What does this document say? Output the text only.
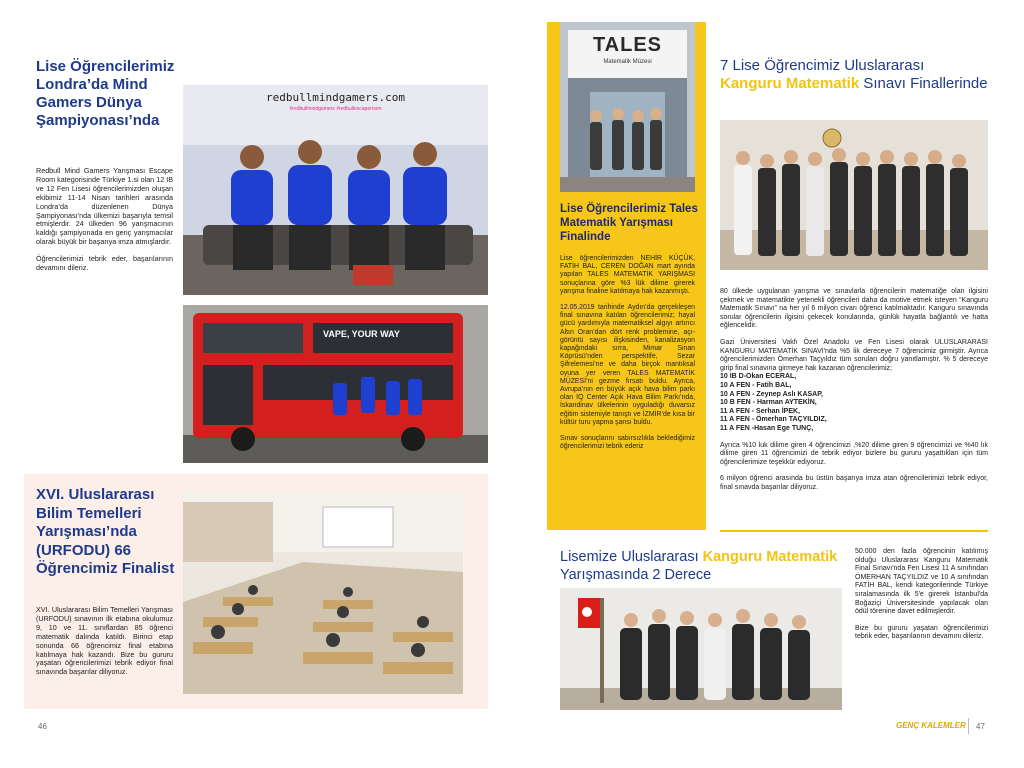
Lise Öğrencilerimiz Londra’da Mind Gamers Dünya Şampiyonası’nda

Redbull Mind Gamers Yarışması Escape Room kategorisinde Türkiye 1.si olan 12 IB ve 12 Fen Lisesi öğrencilerimizden oluşan ekibimiz 11-14 Nisan tarihleri arasında Londra’da düzenlenen Dünya Şampiyonası’nda ülkemizi başarıyla temsil etmişlerdir. 24 ülkeden 96 yarışmacının kaldığı şampiyonada en genç yarışmacılar olarak büyük bir başarıya imza atmışlardır.

Öğrencilerimizi tebrik eder, başarılarının devamını dileriz.

redbullmindgamers.com
#redbullmindgamers #redbullescaperoom
VAPE, YOUR WAY
XVI. Uluslararası Bilim Temelleri Yarışması’nda (URFODU) 66 Öğrencimiz Finalist
XVI. Uluslararası Bilim Temelleri Yarışması (URFODU) sınavının ilk etabına okulumuz 9, 10 ve 11. sınıflardan 85 öğrenci matematik dalında katıldı. Birinci etap sonunda 66 öğrencimiz final etabına katılmaya hak kazandı. Bize bu gururu yaşatan öğrencilerimizi tebrik ediyor final sınavında başarılar diliyoruz.
46
TALES
Matematik Müzesi
Lise Öğrencilerimiz Tales Matematik Yarışması Finalinde

Lise öğrencilerimizden NEHİR KÜÇÜK, FATİH BAL, CEREN DOĞAN mart ayında yapılan TALES MATEMATİK YARIŞMASI sonuçlarına göre %3 lük dilime girerek yarışma finaline katılmaya hak kazanmıştı.

12.05.2019 tarihinde Aydın’da gerçekleşen final sınavına katılan öğrencilerimiz; hayal gücü yardımıyla matematiksel algıyı artırıcı Altın Oran’dan dört renk problemine, açı-görüntü sayısı ilişkisinden, kanalizasyon kapağındaki sırra, Mimar Sinan Köprüsü’nden perspektife, Sezar Şifrelemesi’ne ve daha birçok mantıksal oyuna yer veren TALES MATEMATİK MÜZESİ’ni gezme fırsatı buldu. Ayrıca, Avrupa’nın en büyük açık hava bilim parkı olan IQ Center Açık Hava Bilim Parkı’nda, İskandinav ülkelerinin uyguladığı duvarsız eğitim sistemiyle tanıştı ve İZMİR’de kısa bir kültür turu yapma şansı buldu.

Sınav sonuçlarını sabırsızlıkla beklediğimiz öğrencilerimizi tebrik ederiz

7 Lise Öğrencimiz Uluslararası Kanguru Matematik Sınavı Finallerinde

80 ülkede uygulanan yarışma ve sınavlarla öğrencilerin matematiğe olan ilgisini çekmek ve matematikte yetenekli öğrencileri daha da motive etmek isteyen “Kanguru Matematik Sınavı” na her yıl 6 milyon civarı öğrenci katılmaktadır. Kanguru sınavında sorular öğrencilerin ilgisini çekecek konularında, günlük hayatla bağlantılı ve hatta eğlencelidir.

Gazi Üniversitesi Vakfı Özel Anadolu ve Fen Lisesi olarak ULUSLARARASI KANGURU MATEMATİK SINAVI'nda %5 lik dereceye 7 öğrencimiz girmiştir. Ayrıca öğrencilerimizden Ömerhan Taçyıldız tüm soruları doğru yanıtlamıştır. % 5 dereceye girip final sınavına girmeye hak kazanan öğrencilerimiz;

10 IB D-Okan ECERAL,
10 A FEN - Fatih BAL,
10 A FEN - Zeynep Aslı KASAP,
10 B FEN - Harman AYTEKİN,
11 A FEN - Serhan İPEK,
11 A FEN - Ömerhan TAÇYILDIZ,
11 A FEN -Hasan Ege TUNÇ,

Ayrıca %10 luk dilime giren 4 öğrencimizi ,%20 dilime giren 9 öğrencimizi ve %40 lık dilime giren 11 öğrencimizi de tebrik ediyor bizlere bu gururu yaşattıkları için tüm öğrencilerimize teşekkür ediyoruz.

6 milyon öğrenci arasında bu üstün başarıya imza atan öğrencilerimizi tebrik ediyor, final sınavda başarılar diliyoruz.

Lisemize Uluslararası Kanguru Matematik Yarışmasında 2 Derece

50.000 den fazla öğrencinin katılımış olduğu Uluslararası Kanguru Matematik Final Sınavı'nda Fen Lisesi 11 A sınıfından ÖMERHAN TAÇYILDIZ ve 10 A sınıfından FATİH BAL, kendi kategorilerinde Türkiye sıralamasında ilk 5'e girerek İstanbul'da Boğaziçi Üniversitesinde yapılacak olan ödül törenine davet edilmişlerdir.

Bize bu gururu yaşatan öğrencilerimizi tebrik eder, başarılarının devamını dileriz.

GENÇ KALEMLER 47
